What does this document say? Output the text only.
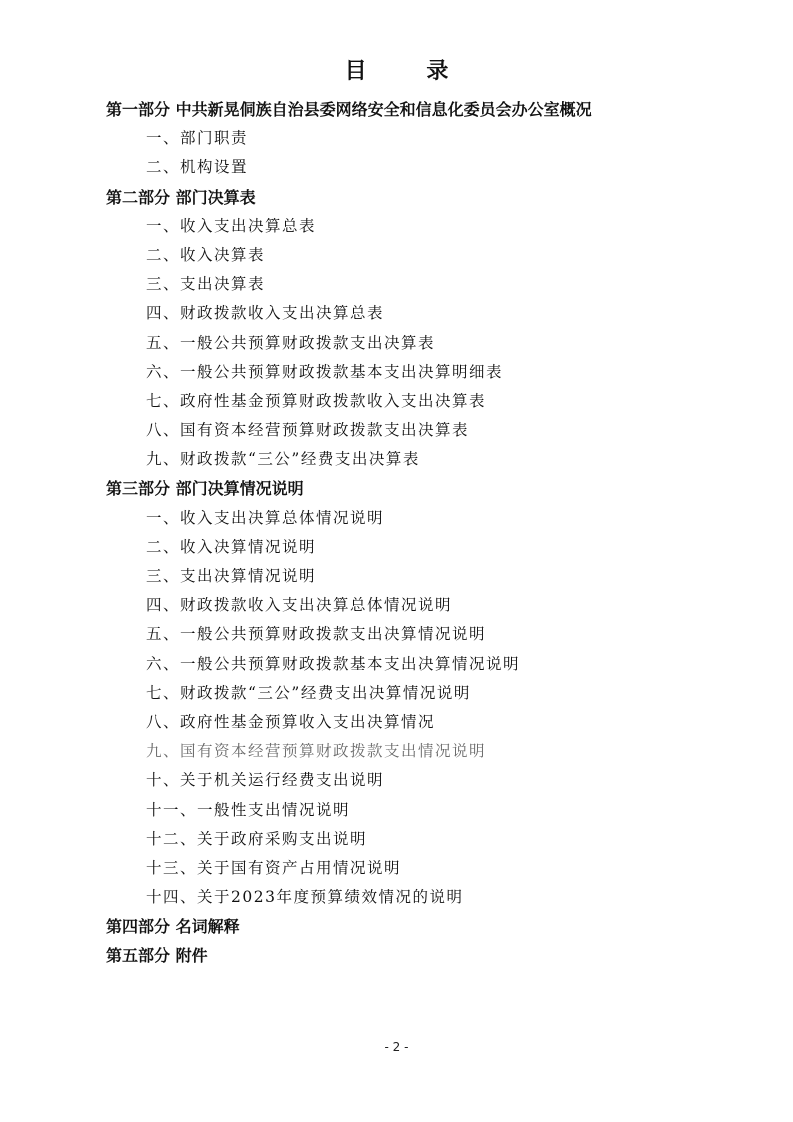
目 录
第一部分 中共新晃侗族自治县委网络安全和信息化委员会办公室概况
一、部门职责
二、机构设置
第二部分 部门决算表
一、收入支出决算总表
二、收入决算表
三、支出决算表
四、财政拨款收入支出决算总表
五、一般公共预算财政拨款支出决算表
六、一般公共预算财政拨款基本支出决算明细表
七、政府性基金预算财政拨款收入支出决算表
八、国有资本经营预算财政拨款支出决算表
九、财政拨款“三公”经费支出决算表
第三部分 部门决算情况说明
一、收入支出决算总体情况说明
二、收入决算情况说明
三、支出决算情况说明
四、财政拨款收入支出决算总体情况说明
五、一般公共预算财政拨款支出决算情况说明
六、一般公共预算财政拨款基本支出决算情况说明
七、财政拨款“三公”经费支出决算情况说明
八、政府性基金预算收入支出决算情况
九、国有资本经营预算财政拨款支出情况说明
十、关于机关运行经费支出说明
十一、一般性支出情况说明
十二、关于政府采购支出说明
十三、关于国有资产占用情况说明
十四、关于2023年度预算绩效情况的说明
第四部分 名词解释
第五部分 附件
- 2 -
